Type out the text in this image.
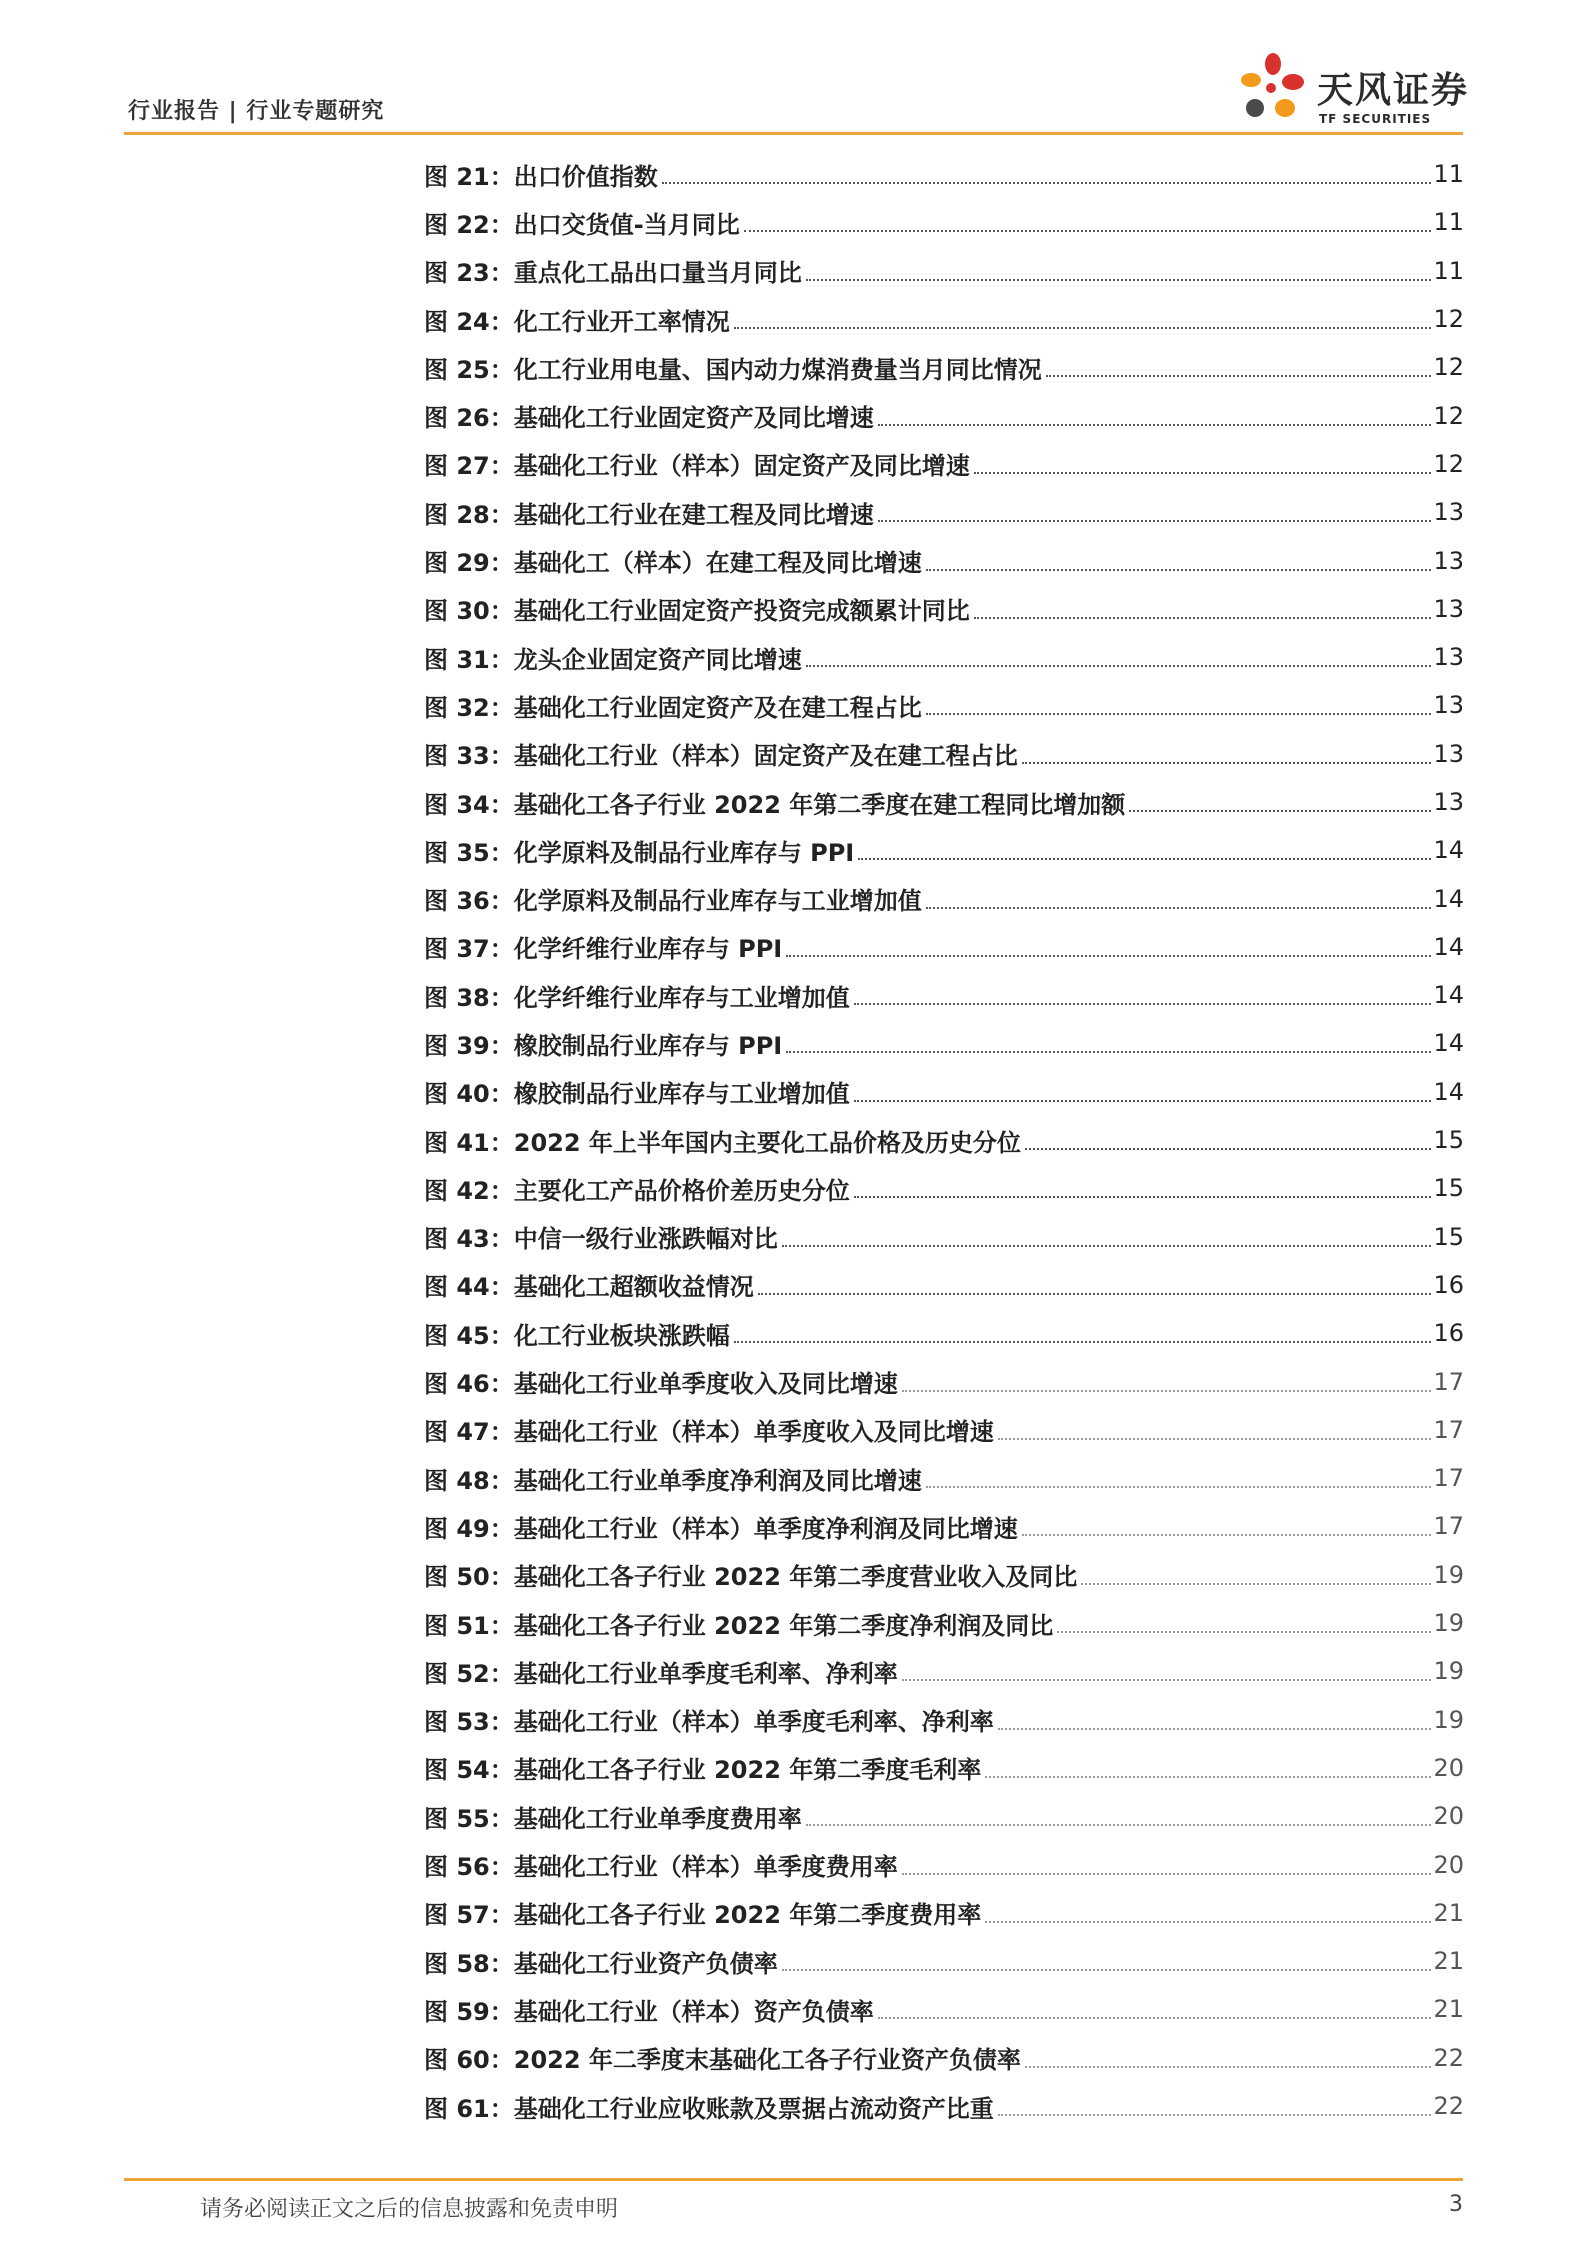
行业报告 | 行业专题研究
天风证券
TF SECURITIES
图 21：出口价值指数	11
图 22：出口交货值-当月同比	11
图 23：重点化工品出口量当月同比	11
图 24：化工行业开工率情况	12
图 25：化工行业用电量、国内动力煤消费量当月同比情况	12
图 26：基础化工行业固定资产及同比增速	12
图 27：基础化工行业（样本）固定资产及同比增速	12
图 28：基础化工行业在建工程及同比增速	13
图 29：基础化工（样本）在建工程及同比增速	13
图 30：基础化工行业固定资产投资完成额累计同比	13
图 31：龙头企业固定资产同比增速	13
图 32：基础化工行业固定资产及在建工程占比	13
图 33：基础化工行业（样本）固定资产及在建工程占比	13
图 34：基础化工各子行业 2022 年第二季度在建工程同比增加额	13
图 35：化学原料及制品行业库存与 PPI	14
图 36：化学原料及制品行业库存与工业增加值	14
图 37：化学纤维行业库存与 PPI	14
图 38：化学纤维行业库存与工业增加值	14
图 39：橡胶制品行业库存与 PPI	14
图 40：橡胶制品行业库存与工业增加值	14
图 41：2022 年上半年国内主要化工品价格及历史分位	15
图 42：主要化工产品价格价差历史分位	15
图 43：中信一级行业涨跌幅对比	15
图 44：基础化工超额收益情况	16
图 45：化工行业板块涨跌幅	16
图 46：基础化工行业单季度收入及同比增速	17
图 47：基础化工行业（样本）单季度收入及同比增速	17
图 48：基础化工行业单季度净利润及同比增速	17
图 49：基础化工行业（样本）单季度净利润及同比增速	17
图 50：基础化工各子行业 2022 年第二季度营业收入及同比	19
图 51：基础化工各子行业 2022 年第二季度净利润及同比	19
图 52：基础化工行业单季度毛利率、净利率	19
图 53：基础化工行业（样本）单季度毛利率、净利率	19
图 54：基础化工各子行业 2022 年第二季度毛利率	20
图 55：基础化工行业单季度费用率	20
图 56：基础化工行业（样本）单季度费用率	20
图 57：基础化工各子行业 2022 年第二季度费用率	21
图 58：基础化工行业资产负债率	21
图 59：基础化工行业（样本）资产负债率	21
图 60：2022 年二季度末基础化工各子行业资产负债率	22
图 61：基础化工行业应收账款及票据占流动资产比重	22
请务必阅读正文之后的信息披露和免责申明	3
